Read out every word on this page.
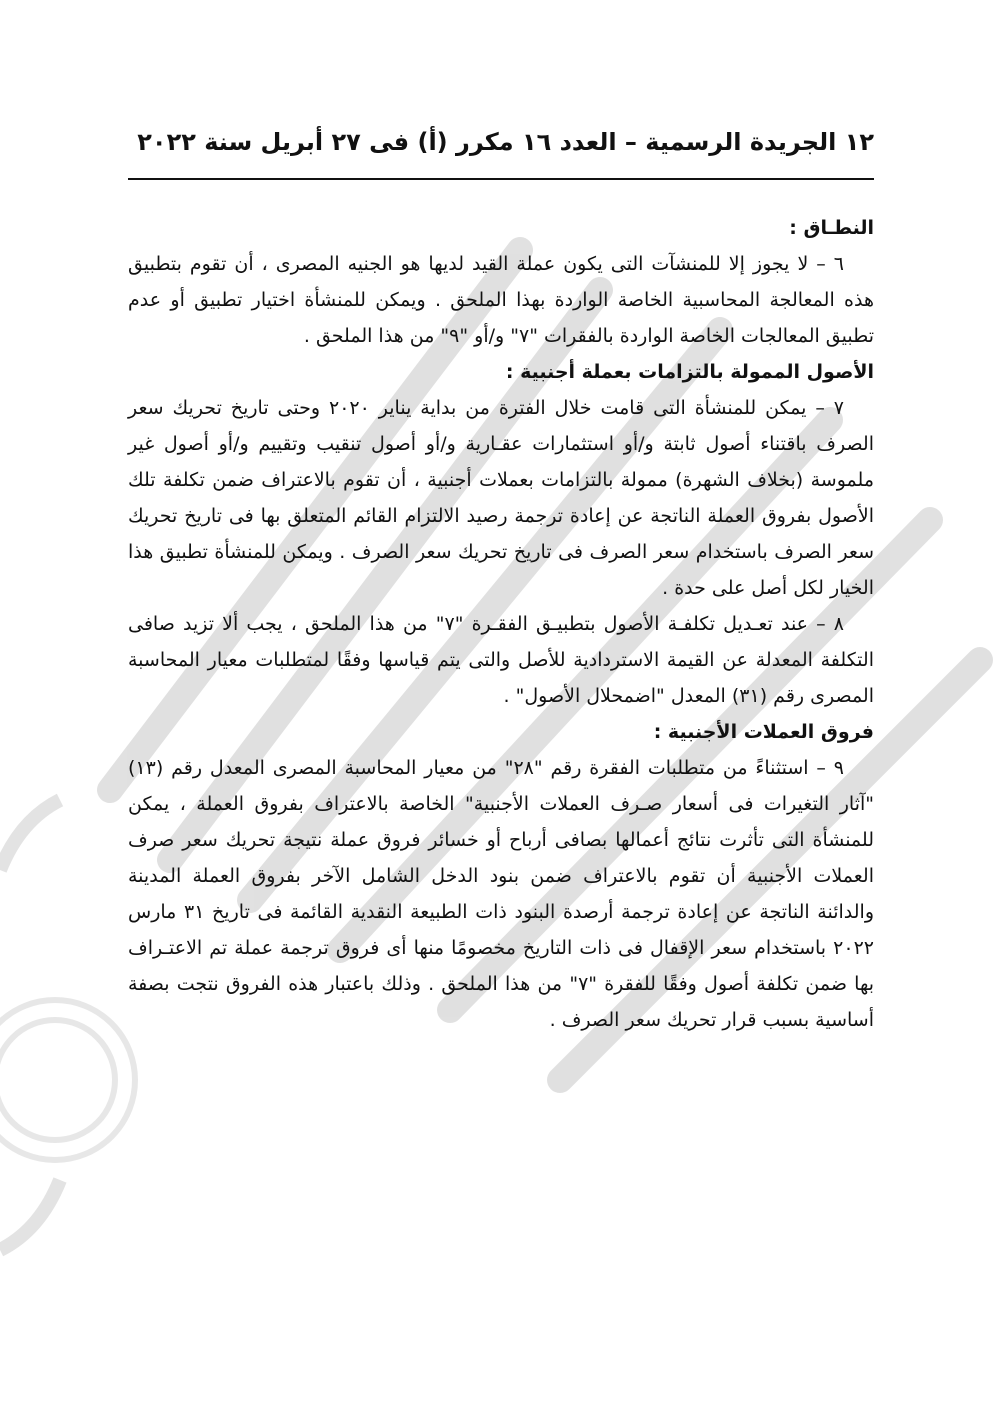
١٢ الجريدة الرسمية – العدد ١٦ مكرر (أ) فى ٢٧ أبريل سنة ٢٠٢٢

النطـاق :

٦ – لا يجوز إلا للمنشآت التى يكون عملة القيد لديها هو الجنيه المصرى ، أن تقوم بتطبيق هذه المعالجة المحاسبية الخاصة الواردة بهذا الملحق . ويمكن للمنشأة اختيار تطبيق أو عدم تطبيق المعالجات الخاصة الواردة بالفقرات "٧" و/أو "٩" من هذا الملحق .

الأصول الممولة بالتزامات بعملة أجنبية :

٧ – يمكن للمنشأة التى قامت خلال الفترة من بداية يناير ٢٠٢٠ وحتى تاريخ تحريك سعر الصرف باقتناء أصول ثابتة و/أو استثمارات عقـارية و/أو أصول تنقيب وتقييم و/أو أصول غير ملموسة (بخلاف الشهرة) ممولة بالتزامات بعملات أجنبية ، أن تقوم بالاعتراف ضمن تكلفة تلك الأصول بفروق العملة الناتجة عن إعادة ترجمة رصيد الالتزام القائم المتعلق بها فى تاريخ تحريك سعر الصرف باستخدام سعر الصرف فى تاريخ تحريك سعر الصرف . ويمكن للمنشأة تطبيق هذا الخيار لكل أصل على حدة .

٨ – عند تعـديل تكلفـة الأصول بتطبيـق الفقـرة "٧" من هذا الملحق ، يجب ألا تزيد صافى التكلفة المعدلة عن القيمة الاستردادية للأصل والتى يتم قياسها وفقًا لمتطلبات معيار المحاسبة المصرى رقم (٣١) المعدل "اضمحلال الأصول" .

فروق العملات الأجنبية :

٩ – استثناءً من متطلبات الفقرة رقم "٢٨" من معيار المحاسبة المصرى المعدل رقم (١٣) "آثار التغيرات فى أسعار صـرف العملات الأجنبية" الخاصة بالاعتراف بفروق العملة ، يمكن للمنشأة التى تأثرت نتائج أعمالها بصافى أرباح أو خسائر فروق عملة نتيجة تحريك سعر صرف العملات الأجنبية أن تقوم بالاعتراف ضمن بنود الدخل الشامل الآخر بفروق العملة المدينة والدائنة الناتجة عن إعادة ترجمة أرصدة البنود ذات الطبيعة النقدية القائمة فى تاريخ ٣١ مارس ٢٠٢٢ باستخدام سعر الإقفال فى ذات التاريخ مخصومًا منها أى فروق ترجمة عملة تم الاعتـراف بها ضمن تكلفة أصول وفقًا للفقرة "٧" من هذا الملحق . وذلك باعتبار هذه الفروق نتجت بصفة أساسية بسبب قرار تحريك سعر الصرف .
